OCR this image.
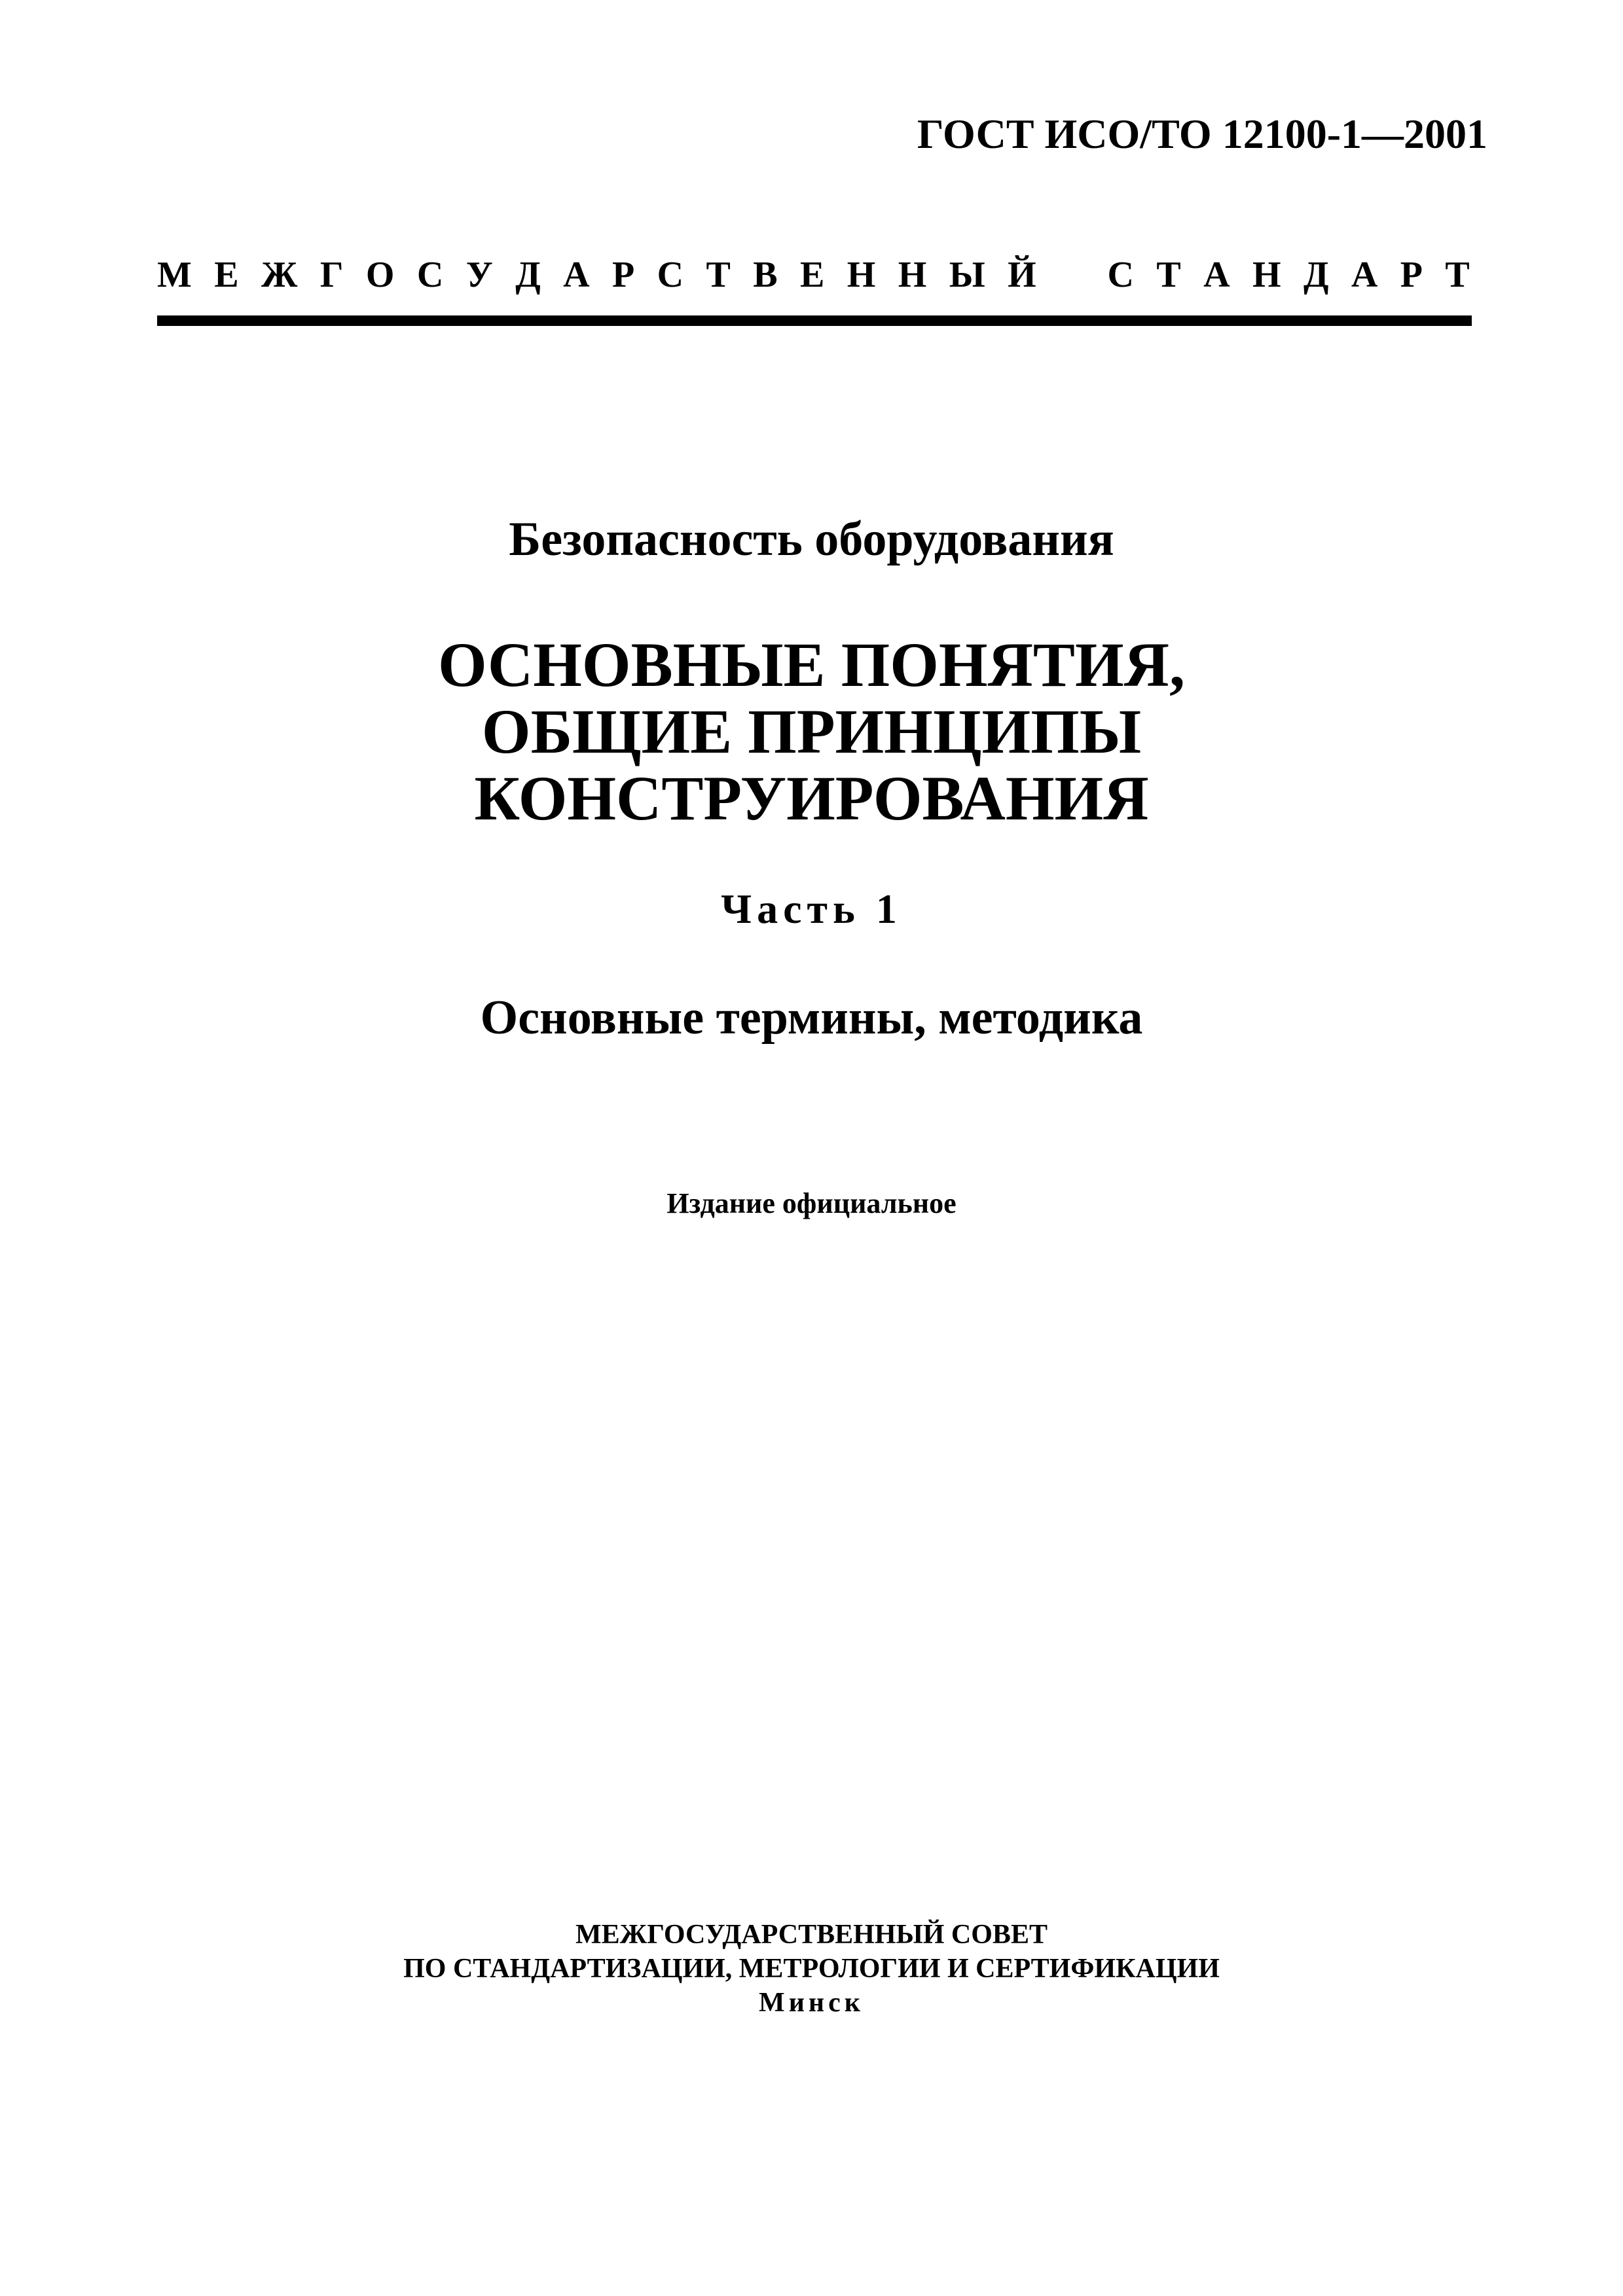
ГОСТ ИСО/ТО 12100-1—2001
М Е Ж Г О С У Д А Р С Т В Е Н Н Ы Й С Т А Н Д А Р Т
Безопасность оборудования
ОСНОВНЫЕ ПОНЯТИЯ,
ОБЩИЕ ПРИНЦИПЫ
КОНСТРУИРОВАНИЯ
Часть 1
Основные термины, методика
Издание официальное
МЕЖГОСУДАРСТВЕННЫЙ СОВЕТ
ПО СТАНДАРТИЗАЦИИ, МЕТРОЛОГИИ И СЕРТИФИКАЦИИ
Минск
